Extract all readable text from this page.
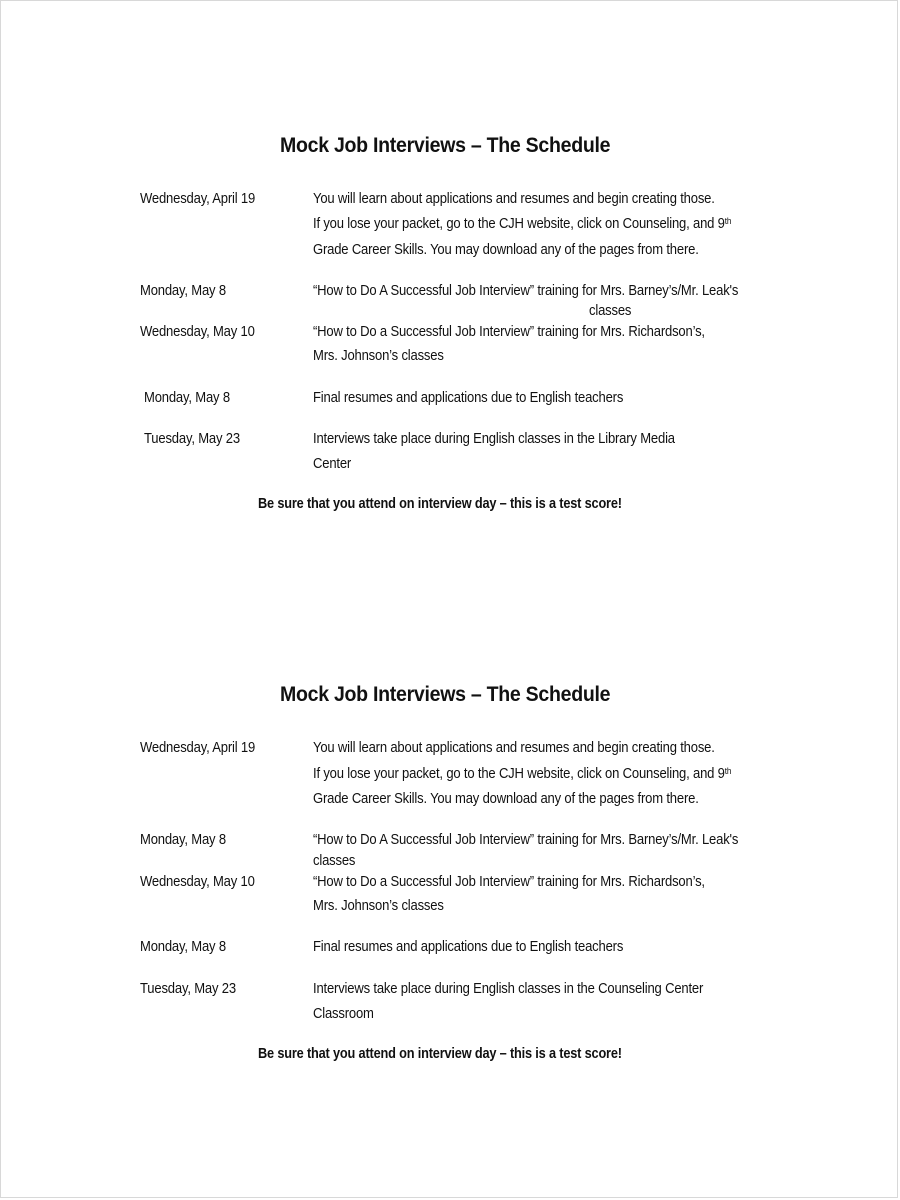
Mock Job Interviews – The Schedule
Wednesday, April 19	You will learn about applications and resumes and begin creating those.
If you lose your packet, go to the CJH website, click on Counseling, and 9th
Grade Career Skills. You may download any of the pages from there.
Monday, May 8	“How to Do A Successful Job Interview” training for Mrs. Barney’s/Mr. Leak's
classes
Wednesday, May 10	“How to Do a Successful Job Interview” training for Mrs. Richardson’s,
Mrs. Johnson’s classes
Monday, May 8	Final resumes and applications due to English teachers
Tuesday, May 23	Interviews take place during English classes in the Library Media
Center
Be sure that you attend on interview day – this is a test score!
Mock Job Interviews – The Schedule
Wednesday, April 19	You will learn about applications and resumes and begin creating those.
If you lose your packet, go to the CJH website, click on Counseling, and 9th
Grade Career Skills. You may download any of the pages from there.
Monday, May 8	“How to Do A Successful Job Interview” training for Mrs. Barney’s/Mr. Leak's
classes
Wednesday, May 10	“How to Do a Successful Job Interview” training for Mrs. Richardson’s,
Mrs. Johnson’s classes
Monday, May 8	Final resumes and applications due to English teachers
Tuesday, May 23	Interviews take place during English classes in the Counseling Center
Classroom
Be sure that you attend on interview day – this is a test score!
